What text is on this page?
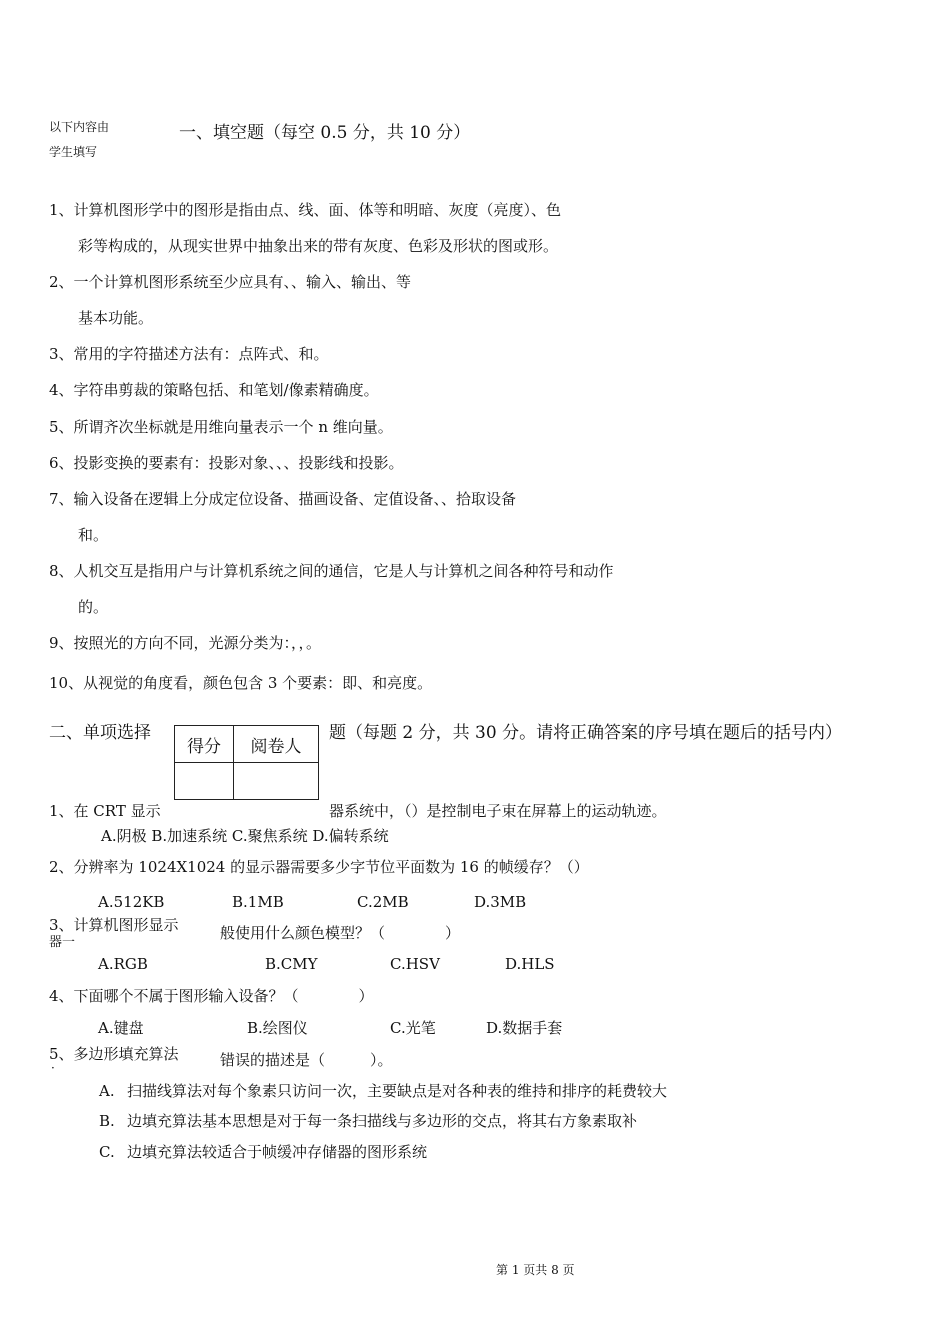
以下内容由
学生填写
一、填空题（每空 0.5 分，共 10 分）
1、计算机图形学中的图形是指由点、线、面、体等和明暗、灰度（亮度）、色
彩等构成的，从现实世界中抽象出来的带有灰度、色彩及形状的图或形。
2、一个计算机图形系统至少应具有、、输入、输出、等
基本功能。
3、常用的字符描述方法有：点阵式、和。
4、字符串剪裁的策略包括、和笔划/像素精确度。
5、所谓齐次坐标就是用维向量表示一个 n 维向量。
6、投影变换的要素有：投影对象、、、投影线和投影。
7、输入设备在逻辑上分成定位设备、描画设备、定值设备、、拾取设备
和。
8、人机交互是指用户与计算机系统之间的通信，它是人与计算机之间各种符号和动作
的。
9、按照光的方向不同，光源分类为：，，。
10、从视觉的角度看，颜色包含 3 个要素：即、和亮度。
二、单项选择
得分	阅卷人

题（每题 2 分，共 30 分。请将正确答案的序号填在题后的括号内）
1、在 CRT 显示	器系统中，（）是控制电子束在屏幕上的运动轨迹。
A.阴极 B.加速系统 C.聚焦系统 D.偏转系统
2、分辨率为 1024X1024 的显示器需要多少字节位平面数为 16 的帧缓存？（）
A.512KB	B.1MB	C.2MB	D.3MB
3、计算机图形显示
器一
般使用什么颜色模型？（　　　　）
A.RGB	B.CMY	C.HSV	D.HLS
4、下面哪个不属于图形输入设备？（　　　　）
A.键盘	B.绘图仪	C.光笔	D.数据手套
5、多边形填充算法
·	错误的描述是（　　　）。
A. 扫描线算法对每个象素只访问一次，主要缺点是对各种表的维持和排序的耗费较大
B. 边填充算法基本思想是对于每一条扫描线与多边形的交点，将其右方象素取补
C. 边填充算法较适合于帧缓冲存储器的图形系统
第 1 页共 8 页
